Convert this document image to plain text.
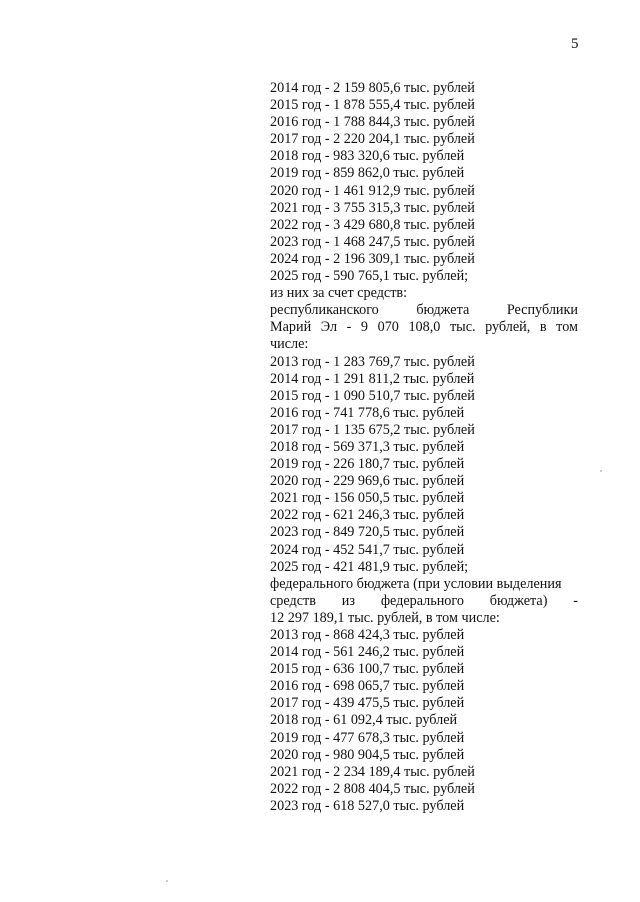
5
2014 год - 2 159 805,6 тыс. рублей
2015 год - 1 878 555,4 тыс. рублей
2016 год - 1 788 844,3 тыс. рублей
2017 год - 2 220 204,1 тыс. рублей
2018 год - 983 320,6 тыс. рублей
2019 год - 859 862,0 тыс. рублей
2020 год - 1 461 912,9 тыс. рублей
2021 год - 3 755 315,3 тыс. рублей
2022 год - 3 429 680,8 тыс. рублей
2023 год - 1 468 247,5 тыс. рублей
2024 год - 2 196 309,1 тыс. рублей
2025 год - 590 765,1 тыс. рублей;
из них за счет средств:
республиканского	бюджета	Республики
Марий Эл - 9 070 108,0 тыс. рублей, в том
числе:
2013 год - 1 283 769,7 тыс. рублей
2014 год - 1 291 811,2 тыс. рублей
2015 год - 1 090 510,7 тыс. рублей
2016 год - 741 778,6 тыс. рублей
2017 год - 1 135 675,2 тыс. рублей
2018 год - 569 371,3 тыс. рублей
2019 год - 226 180,7 тыс. рублей
2020 год - 229 969,6 тыс. рублей
2021 год - 156 050,5 тыс. рублей
2022 год - 621 246,3 тыс. рублей
2023 год - 849 720,5 тыс. рублей
2024 год - 452 541,7 тыс. рублей
2025 год - 421 481,9 тыс. рублей;
федерального бюджета (при условии выделения
средств из федерального бюджета) -
12 297 189,1 тыс. рублей, в том числе:
2013 год - 868 424,3 тыс. рублей
2014 год - 561 246,2 тыс. рублей
2015 год - 636 100,7 тыс. рублей
2016 год - 698 065,7 тыс. рублей
2017 год - 439 475,5 тыс. рублей
2018 год - 61 092,4 тыс. рублей
2019 год - 477 678,3 тыс. рублей
2020 год - 980 904,5 тыс. рублей
2021 год - 2 234 189,4 тыс. рублей
2022 год - 2 808 404,5 тыс. рублей
2023 год - 618 527,0 тыс. рублей
